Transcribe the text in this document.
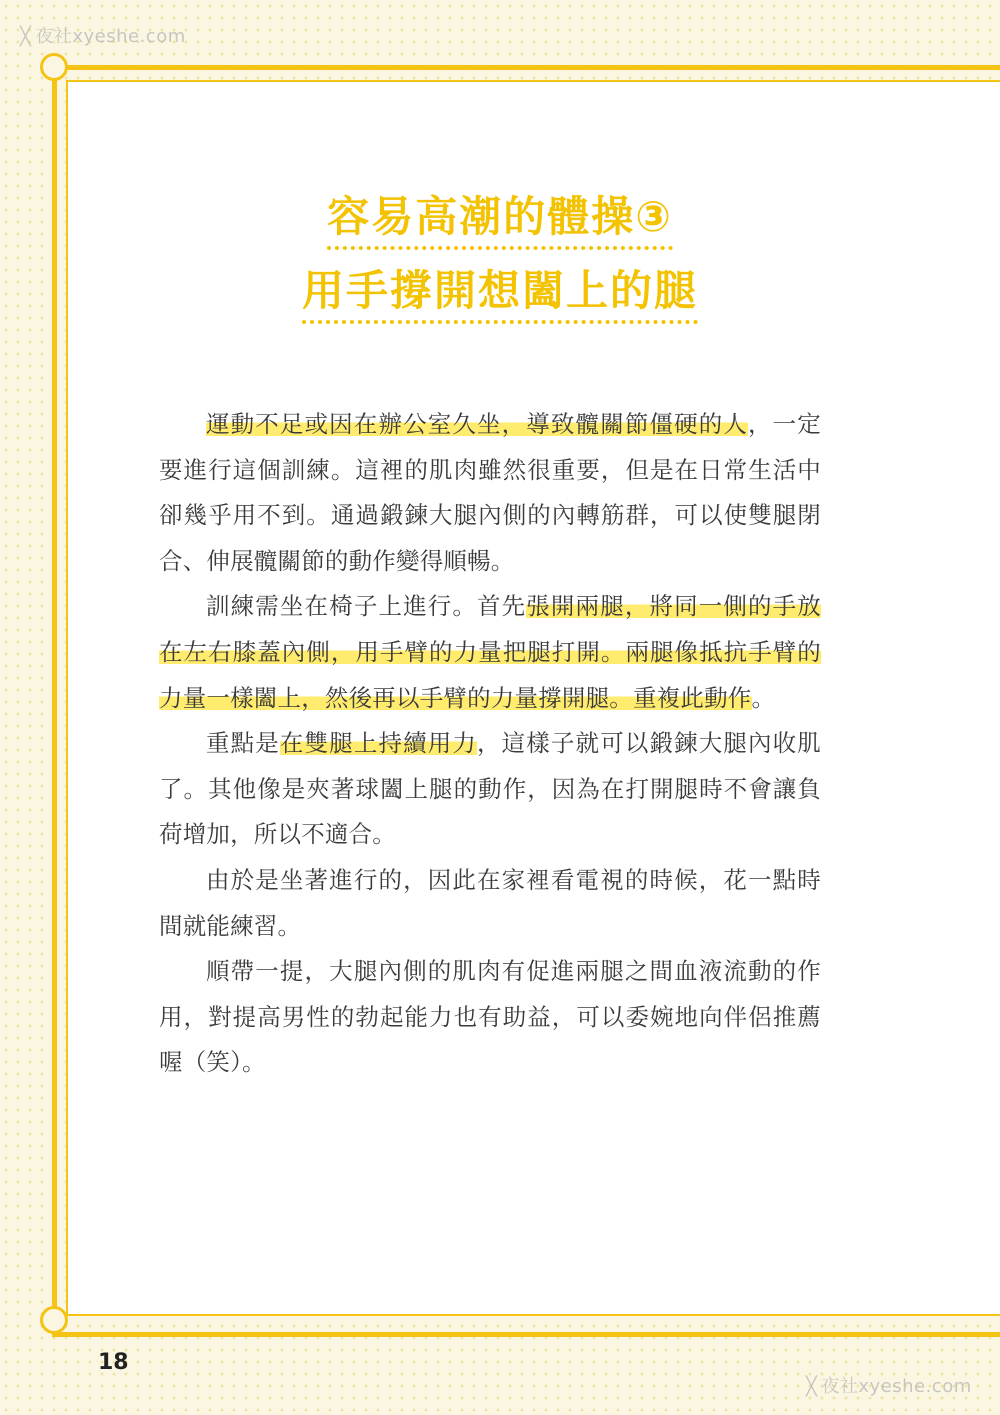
╳ 夜社xyeshe.com
容易高潮的體操③
用手撐開想闔上的腿

運動不足或因在辦公室久坐，導致髖關節僵硬的人，一定要進行這個訓練。這裡的肌肉雖然很重要，但是在日常生活中卻幾乎用不到。通過鍛鍊大腿內側的內轉筋群，可以使雙腿閉合、伸展髖關節的動作變得順暢。

訓練需坐在椅子上進行。首先張開兩腿，將同一側的手放在左右膝蓋內側，用手臂的力量把腿打開。兩腿像抵抗手臂的力量一樣闔上，然後再以手臂的力量撐開腿。重複此動作。

重點是在雙腿上持續用力，這樣子就可以鍛鍊大腿內收肌了。其他像是夾著球闔上腿的動作，因為在打開腿時不會讓負荷增加，所以不適合。

由於是坐著進行的，因此在家裡看電視的時候，花一點時間就能練習。

順帶一提，大腿內側的肌肉有促進兩腿之間血液流動的作用，對提高男性的勃起能力也有助益，可以委婉地向伴侶推薦喔（笑）。

18
╳ 夜社xyeshe.com
